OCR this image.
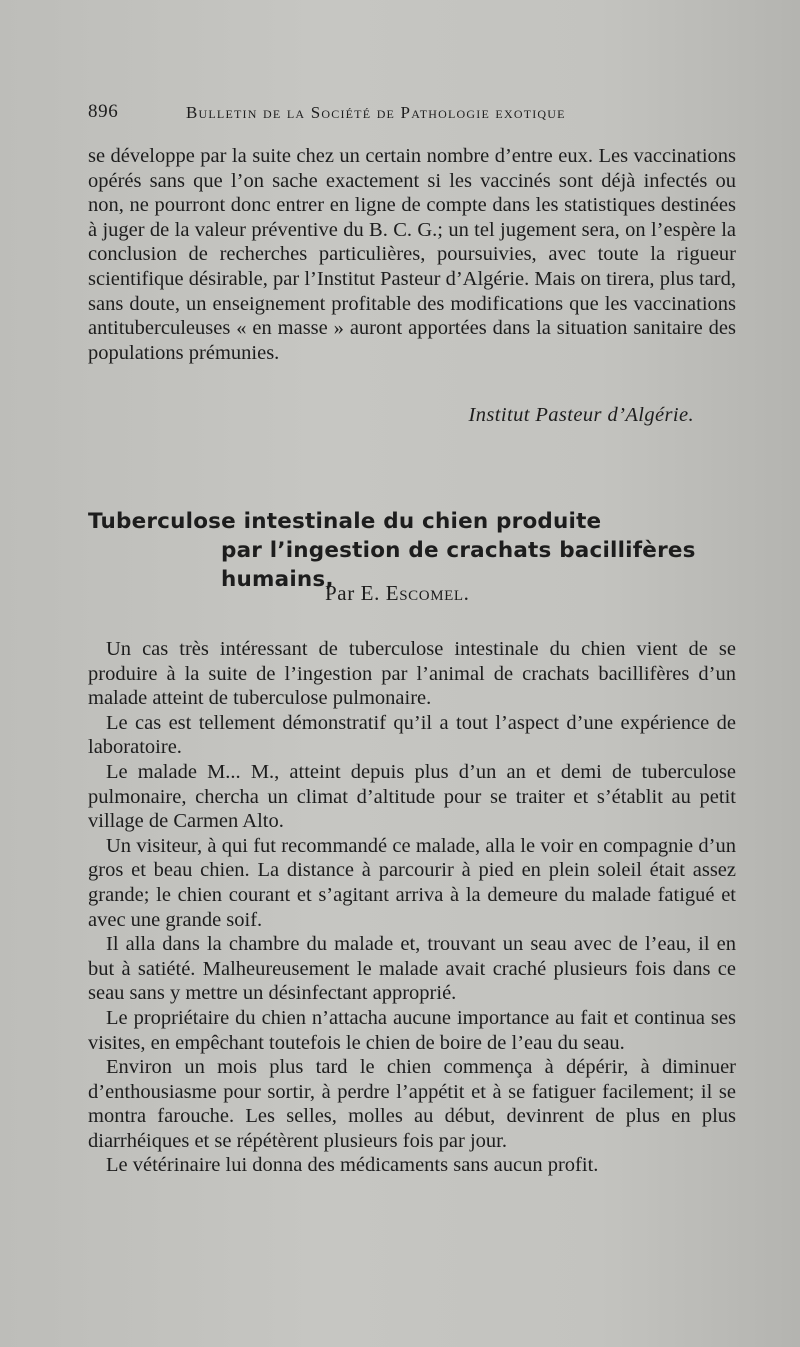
896	Bulletin de la Société de Pathologie exotique

se développe par la suite chez un certain nombre d’entre eux. Les vaccinations opérés sans que l’on sache exactement si les vaccinés sont déjà infectés ou non, ne pourront donc entrer en ligne de compte dans les statistiques destinées à juger de la valeur préventive du B. C. G.; un tel jugement sera, on l’espère la conclusion de recherches particulières, poursuivies, avec toute la rigueur scientifique désirable, par l’Institut Pasteur d’Algérie. Mais on tirera, plus tard, sans doute, un enseignement profitable des modifications que les vaccinations antituberculeuses « en masse » auront apportées dans la situation sanitaire des populations prémunies.

Institut Pasteur d’Algérie.
Tuberculose intestinale du chien produite
par l’ingestion de crachats bacillifères humains,
Par E. Escomel.

Un cas très intéressant de tuberculose intestinale du chien vient de se produire à la suite de l’ingestion par l’animal de crachats bacillifères d’un malade atteint de tuberculose pulmonaire.

Le cas est tellement démonstratif qu’il a tout l’aspect d’une expérience de laboratoire.

Le malade M... M., atteint depuis plus d’un an et demi de tuberculose pulmonaire, chercha un climat d’altitude pour se traiter et s’établit au petit village de Carmen Alto.

Un visiteur, à qui fut recommandé ce malade, alla le voir en compagnie d’un gros et beau chien. La distance à parcourir à pied en plein soleil était assez grande; le chien courant et s’agitant arriva à la demeure du malade fatigué et avec une grande soif.

Il alla dans la chambre du malade et, trouvant un seau avec de l’eau, il en but à satiété. Malheureusement le malade avait craché plusieurs fois dans ce seau sans y mettre un désinfectant approprié.

Le propriétaire du chien n’attacha aucune importance au fait et continua ses visites, en empêchant toutefois le chien de boire de l’eau du seau.

Environ un mois plus tard le chien commença à dépérir, à diminuer d’enthousiasme pour sortir, à perdre l’appétit et à se fatiguer facilement; il se montra farouche. Les selles, molles au début, devinrent de plus en plus diarrhéiques et se répétèrent plusieurs fois par jour.

Le vétérinaire lui donna des médicaments sans aucun profit.
